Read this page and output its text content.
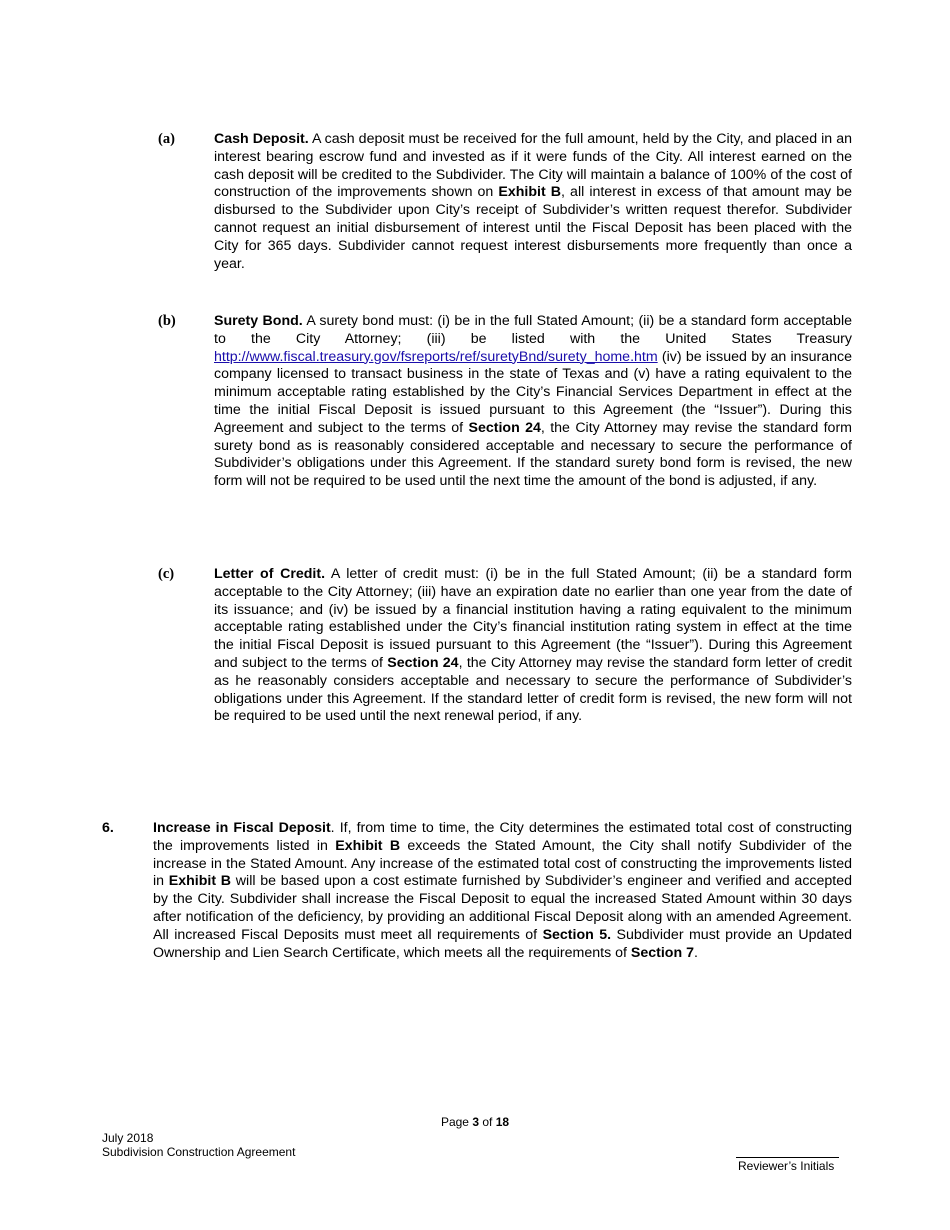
(a)	Cash Deposit. A cash deposit must be received for the full amount, held by the City, and placed in an interest bearing escrow fund and invested as if it were funds of the City. All interest earned on the cash deposit will be credited to the Subdivider. The City will maintain a balance of 100% of the cost of construction of the improvements shown on Exhibit B, all interest in excess of that amount may be disbursed to the Subdivider upon City’s receipt of Subdivider’s written request therefor. Subdivider cannot request an initial disbursement of interest until the Fiscal Deposit has been placed with the City for 365 days. Subdivider cannot request interest disbursements more frequently than once a year.
(b)	Surety Bond. A surety bond must: (i) be in the full Stated Amount; (ii) be a standard form acceptable to the City Attorney; (iii) be listed with the United States Treasury http://www.fiscal.treasury.gov/fsreports/ref/suretyBnd/surety_home.htm (iv) be issued by an insurance company licensed to transact business in the state of Texas and (v) have a rating equivalent to the minimum acceptable rating established by the City’s Financial Services Department in effect at the time the initial Fiscal Deposit is issued pursuant to this Agreement (the “Issuer”). During this Agreement and subject to the terms of Section 24, the City Attorney may revise the standard form surety bond as is reasonably considered acceptable and necessary to secure the performance of Subdivider’s obligations under this Agreement. If the standard surety bond form is revised, the new form will not be required to be used until the next time the amount of the bond is adjusted, if any.
(c)	Letter of Credit. A letter of credit must: (i) be in the full Stated Amount; (ii) be a standard form acceptable to the City Attorney; (iii) have an expiration date no earlier than one year from the date of its issuance; and (iv) be issued by a financial institution having a rating equivalent to the minimum acceptable rating established under the City’s financial institution rating system in effect at the time the initial Fiscal Deposit is issued pursuant to this Agreement (the “Issuer”). During this Agreement and subject to the terms of Section 24, the City Attorney may revise the standard form letter of credit as he reasonably considers acceptable and necessary to secure the performance of Subdivider’s obligations under this Agreement. If the standard letter of credit form is revised, the new form will not be required to be used until the next renewal period, if any.
6.	Increase in Fiscal Deposit. If, from time to time, the City determines the estimated total cost of constructing the improvements listed in Exhibit B exceeds the Stated Amount, the City shall notify Subdivider of the increase in the Stated Amount. Any increase of the estimated total cost of constructing the improvements listed in Exhibit B will be based upon a cost estimate furnished by Subdivider’s engineer and verified and accepted by the City. Subdivider shall increase the Fiscal Deposit to equal the increased Stated Amount within 30 days after notification of the deficiency, by providing an additional Fiscal Deposit along with an amended Agreement. All increased Fiscal Deposits must meet all requirements of Section 5. Subdivider must provide an Updated Ownership and Lien Search Certificate, which meets all the requirements of Section 7.
Page 3 of 18
July 2018
Subdivision Construction Agreement
Reviewer’s Initials
